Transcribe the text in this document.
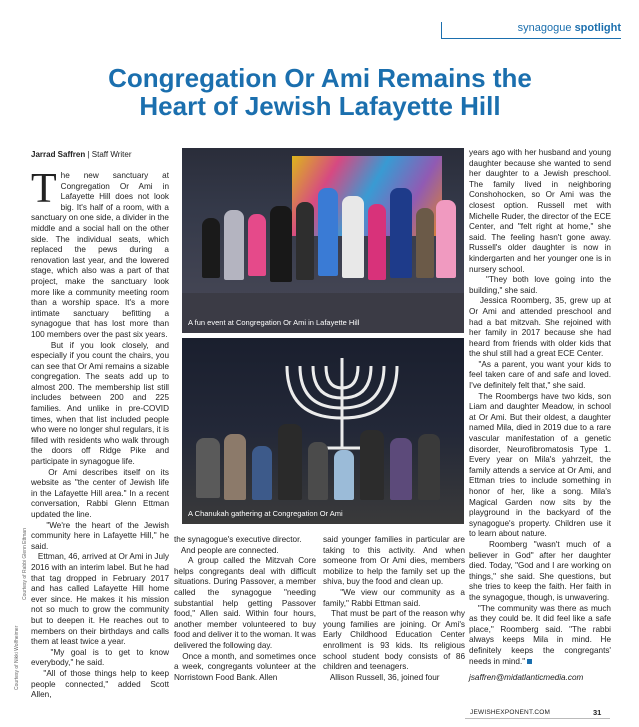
synagogue spotlight
Congregation Or Ami Remains the
Heart of Jewish Lafayette Hill
Jarrad Saffren | Staff Writer

The new sanctuary at Congregation Or Ami in Lafayette Hill does not look big. It's half of a room, with a sanctuary on one side, a divider in the middle and a social hall on the other side. The individual seats, which replaced the pews during a renovation last year, and the lowered stage, which also was a part of that project, make the sanctuary look more like a community meeting room than a worship space. It's a more intimate sanctuary befitting a synagogue that has lost more than 100 members over the past six years.

But if you look closely, and especially if you count the chairs, you can see that Or Ami remains a sizable congregation. The seats add up to almost 200. The membership list still includes between 200 and 225 families. And unlike in pre-COVID times, when that list included people who were no longer shul regulars, it is filled with residents who walk through the doors off Ridge Pike and participate in synagogue life.

Or Ami describes itself on its website as "the center of Jewish life in the Lafayette Hill area." In a recent conversation, Rabbi Glenn Ettman updated the line.

"We're the heart of the Jewish community here in Lafayette Hill," he said.

Ettman, 46, arrived at Or Ami in July 2016 with an interim label. But he had that tag dropped in February 2017 and has called Lafayette Hill home ever since. He makes it his mission not so much to grow the community but to deepen it. He reaches out to members on their birthdays and calls them at least twice a year.

"My goal is to get to know everybody," he said.

"All of those things help to keep people connected," added Scott Allen,

Courtesy of Nikki Wolfheimer
Courtesy of Rabbi Glenn Ettman
A fun event at Congregation Or Ami in Lafayette Hill
A Chanukah gathering at Congregation Or Ami

the synagogue's executive director.

And people are connected.

A group called the Mitzvah Core helps congregants deal with difficult situations. During Passover, a member called the synagogue "needing substantial help getting Passover food," Allen said. Within four hours, another member volunteered to buy food and deliver it to the woman. It was delivered the following day.

Once a month, and sometimes once a week, congregants volunteer at the Norristown Food Bank. Allen

said younger families in particular are taking to this activity. And when someone from Or Ami dies, members mobilize to help the family set up the shiva, buy the food and clean up.

"We view our community as a family," Rabbi Ettman said.

That must be part of the reason why young families are joining. Or Ami's Early Childhood Education Center enrollment is 93 kids. Its religious school student body consists of 86 children and teenagers.

Allison Russell, 36, joined four

years ago with her husband and young daughter because she wanted to send her daughter to a Jewish preschool. The family lived in neighboring Conshohocken, so Or Ami was the closest option. Russell met with Michelle Ruder, the director of the ECE Center, and "felt right at home," she said. The feeling hasn't gone away. Russell's older daughter is now in kindergarten and her younger one is in nursery school.

"They both love going into the building," she said.

Jessica Roomberg, 35, grew up at Or Ami and attended preschool and had a bat mitzvah. She rejoined with her family in 2017 because she had heard from friends with older kids that the shul still had a great ECE Center.

"As a parent, you want your kids to feel taken care of and safe and loved. I've definitely felt that," she said.

The Roombergs have two kids, son Liam and daughter Meadow, in school at Or Ami. But their oldest, a daughter named Mila, died in 2019 due to a rare vascular manifestation of a genetic disorder, Neurofibromatosis Type 1. Every year on Mila's yahrzeit, the family attends a service at Or Ami, and Ettman tries to include something in honor of her, like a song. Mila's Magical Garden now sits by the playground in the backyard of the synagogue's property. Children use it to learn about nature.

Roomberg "wasn't much of a believer in God" after her daughter died. Today, "God and I are working on things," she said. She questions, but she tries to keep the faith. Her faith in the synagogue, though, is unwavering.

"The community was there as much as they could be. It did feel like a safe place," Roomberg said. "The rabbi always keeps Mila in mind. He definitely keeps the congregants' needs in mind."

jsaffren@midatlanticmedia.com

JEWISHEXPONENT.COM	31
